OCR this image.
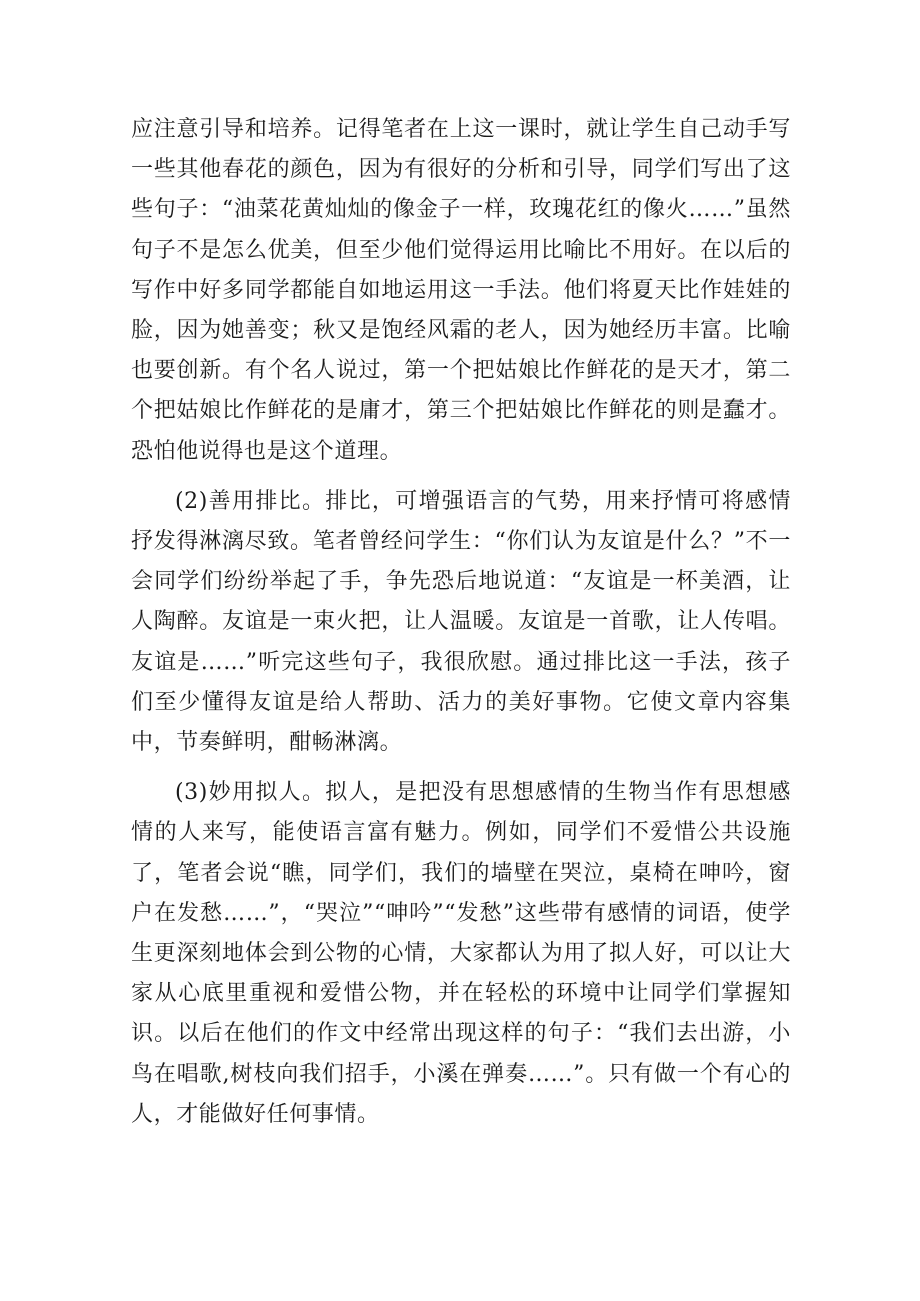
应注意引导和培养。记得笔者在上这一课时，就让学生自己动手写一些其他春花的颜色，因为有很好的分析和引导，同学们写出了这些句子：“油菜花黄灿灿的像金子一样，玫瑰花红的像火……”虽然句子不是怎么优美，但至少他们觉得运用比喻比不用好。在以后的写作中好多同学都能自如地运用这一手法。他们将夏天比作娃娃的脸，因为她善变；秋又是饱经风霜的老人，因为她经历丰富。比喻也要创新。有个名人说过，第一个把姑娘比作鲜花的是天才，第二个把姑娘比作鲜花的是庸才，第三个把姑娘比作鲜花的则是蠢才。恐怕他说得也是这个道理。

(2)善用排比。排比，可增强语言的气势，用来抒情可将感情抒发得淋漓尽致。笔者曾经问学生：“你们认为友谊是什么？”不一会同学们纷纷举起了手，争先恐后地说道：“友谊是一杯美酒，让人陶醉。友谊是一束火把，让人温暖。友谊是一首歌，让人传唱。友谊是……”听完这些句子，我很欣慰。通过排比这一手法，孩子们至少懂得友谊是给人帮助、活力的美好事物。它使文章内容集中，节奏鲜明，酣畅淋漓。

(3)妙用拟人。拟人，是把没有思想感情的生物当作有思想感情的人来写，能使语言富有魅力。例如，同学们不爱惜公共设施了，笔者会说“瞧，同学们，我们的墙壁在哭泣，桌椅在呻吟，窗户在发愁……”，“哭泣”“呻吟”“发愁”这些带有感情的词语，使学生更深刻地体会到公物的心情，大家都认为用了拟人好，可以让大家从心底里重视和爱惜公物，并在轻松的环境中让同学们掌握知识。以后在他们的作文中经常出现这样的句子：“我们去出游，小鸟在唱歌,树枝向我们招手，小溪在弹奏……”。只有做一个有心的人，才能做好任何事情。
